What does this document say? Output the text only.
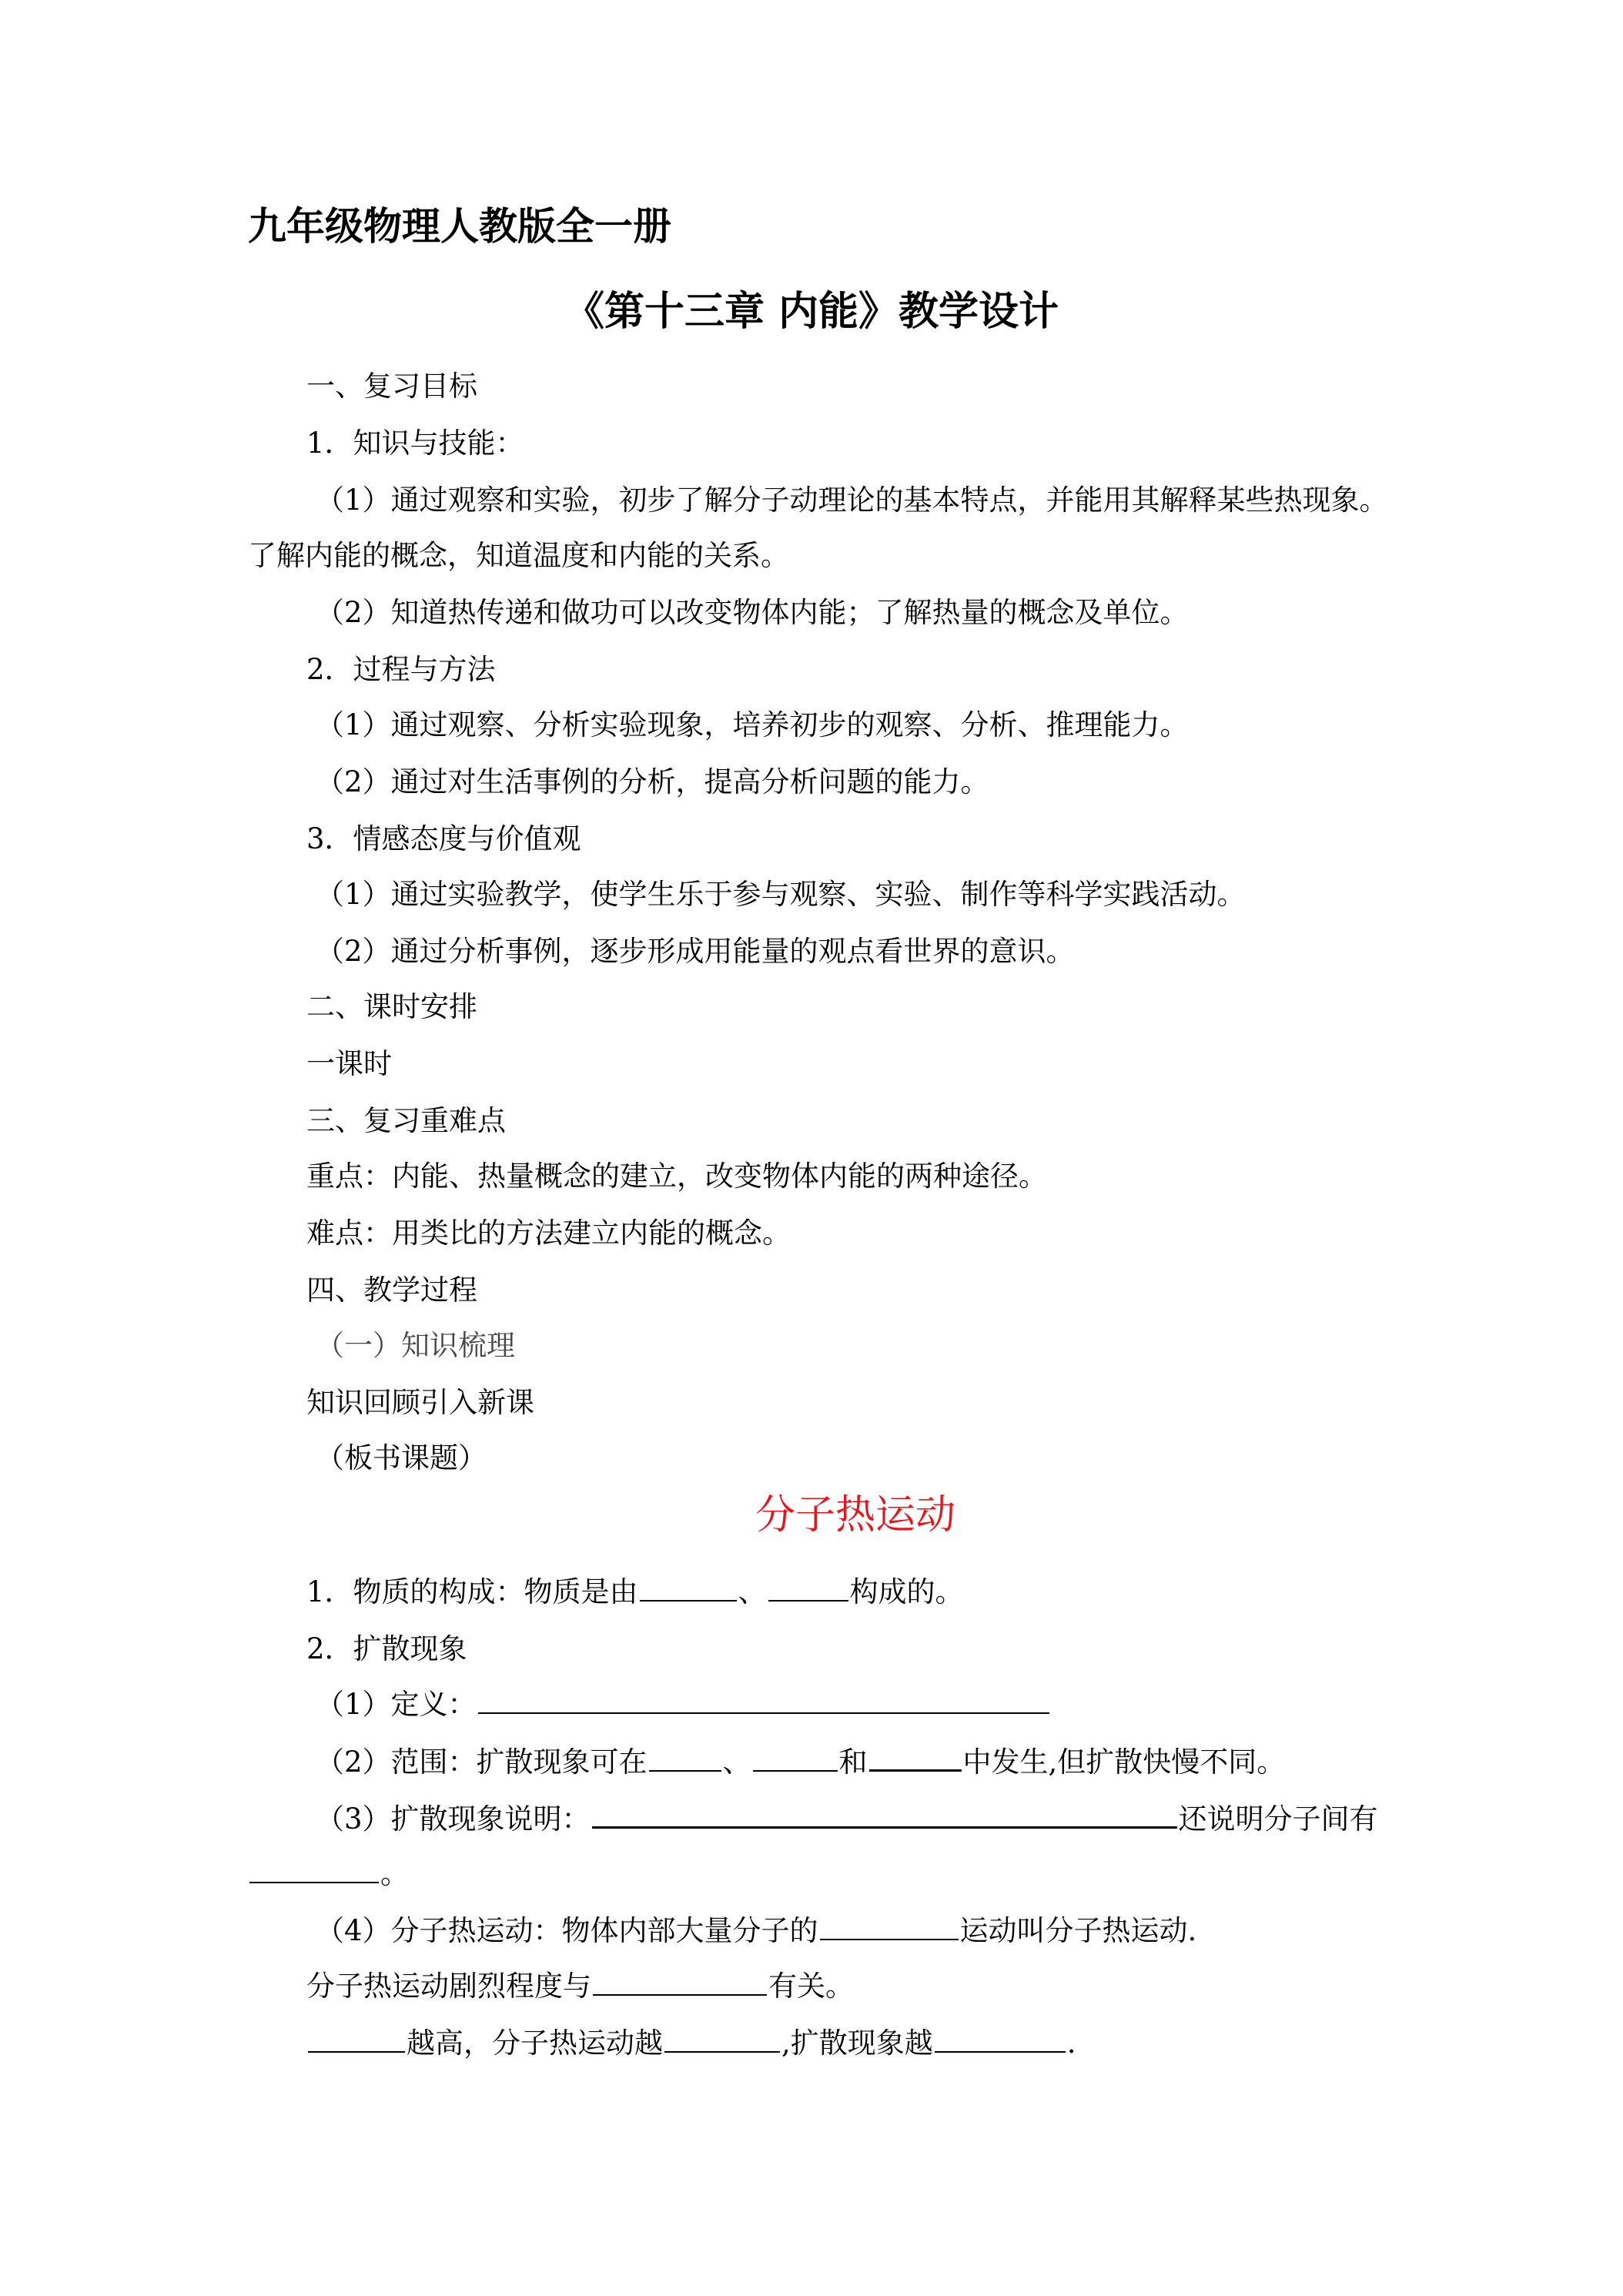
九年级物理人教版全一册
《第十三章 内能》教学设计
一、复习目标
1．知识与技能：
（1）通过观察和实验，初步了解分子动理论的基本特点，并能用其解释某些热现象。
了解内能的概念，知道温度和内能的关系。
（2）知道热传递和做功可以改变物体内能；了解热量的概念及单位。
2．过程与方法
（1）通过观察、分析实验现象，培养初步的观察、分析、推理能力。
（2）通过对生活事例的分析，提高分析问题的能力。
3．情感态度与价值观
（1）通过实验教学，使学生乐于参与观察、实验、制作等科学实践活动。
（2）通过分析事例，逐步形成用能量的观点看世界的意识。
二、课时安排
一课时
三、复习重难点
重点：内能、热量概念的建立，改变物体内能的两种途径。
难点：用类比的方法建立内能的概念。
四、教学过程
（一）知识梳理
知识回顾引入新课
（板书课题）
分子热运动
1．物质的构成：物质是由	、	构成的。
2．扩散现象
（1）定义：
（2）范围：扩散现象可在	、	和	中发生,但扩散快慢不同。
（3）扩散现象说明：	还说明分子间有
。
（4）分子热运动：物体内部大量分子的	运动叫分子热运动.
分子热运动剧烈程度与	有关。
越高，分子热运动越	,扩散现象越	.
